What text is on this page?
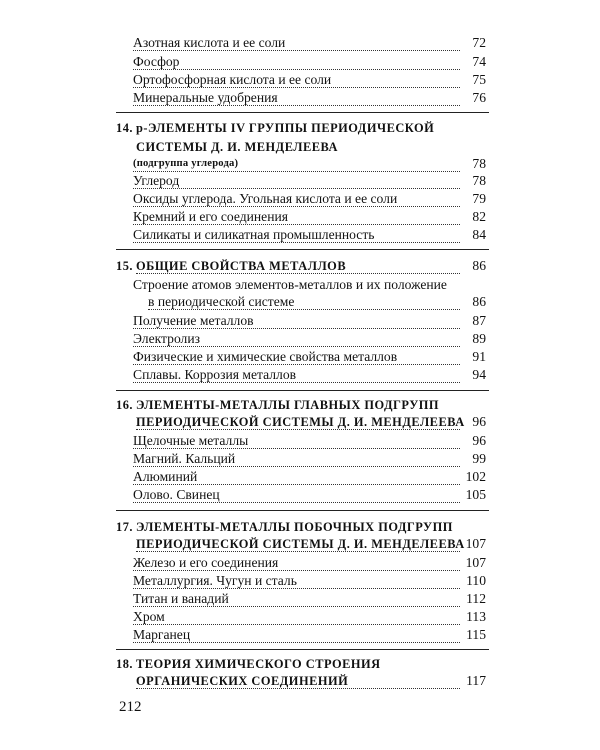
Азотная кислота и ее соли	72
Фосфор	74
Ортофосфорная кислота и ее соли	75
Минеральные удобрения	76
14. р-ЭЛЕМЕНТЫ IV ГРУППЫ ПЕРИОДИЧЕСКОЙ
СИСТЕМЫ Д. И. МЕНДЕЛЕЕВА
(подгруппа углерода)	78
Углерод	78
Оксиды углерода. Угольная кислота и ее соли	79
Кремний и его соединения	82
Силикаты и силикатная промышленность	84
15. ОБЩИЕ СВОЙСТВА МЕТАЛЛОВ	86
Строение атомов элементов-металлов и их положение
в периодической системе	86
Получение металлов	87
Электролиз	89
Физические и химические свойства металлов	91
Сплавы. Коррозия металлов	94
16. ЭЛЕМЕНТЫ-МЕТАЛЛЫ ГЛАВНЫХ ПОДГРУПП
ПЕРИОДИЧЕСКОЙ СИСТЕМЫ Д. И. МЕНДЕЛЕЕВА 96
Щелочные металлы	96
Магний. Кальций	99
Алюминий	102
Олово. Свинец	105
17. ЭЛЕМЕНТЫ-МЕТАЛЛЫ ПОБОЧНЫХ ПОДГРУПП
ПЕРИОДИЧЕСКОЙ СИСТЕМЫ Д. И. МЕНДЕЛЕЕВА 107
Железо и его соединения	107
Металлургия. Чугун и сталь	110
Титан и ванадий	112
Хром	113
Марганец	115
18. ТЕОРИЯ ХИМИЧЕСКОГО СТРОЕНИЯ
ОРГАНИЧЕСКИХ СОЕДИНЕНИЙ	117
212
